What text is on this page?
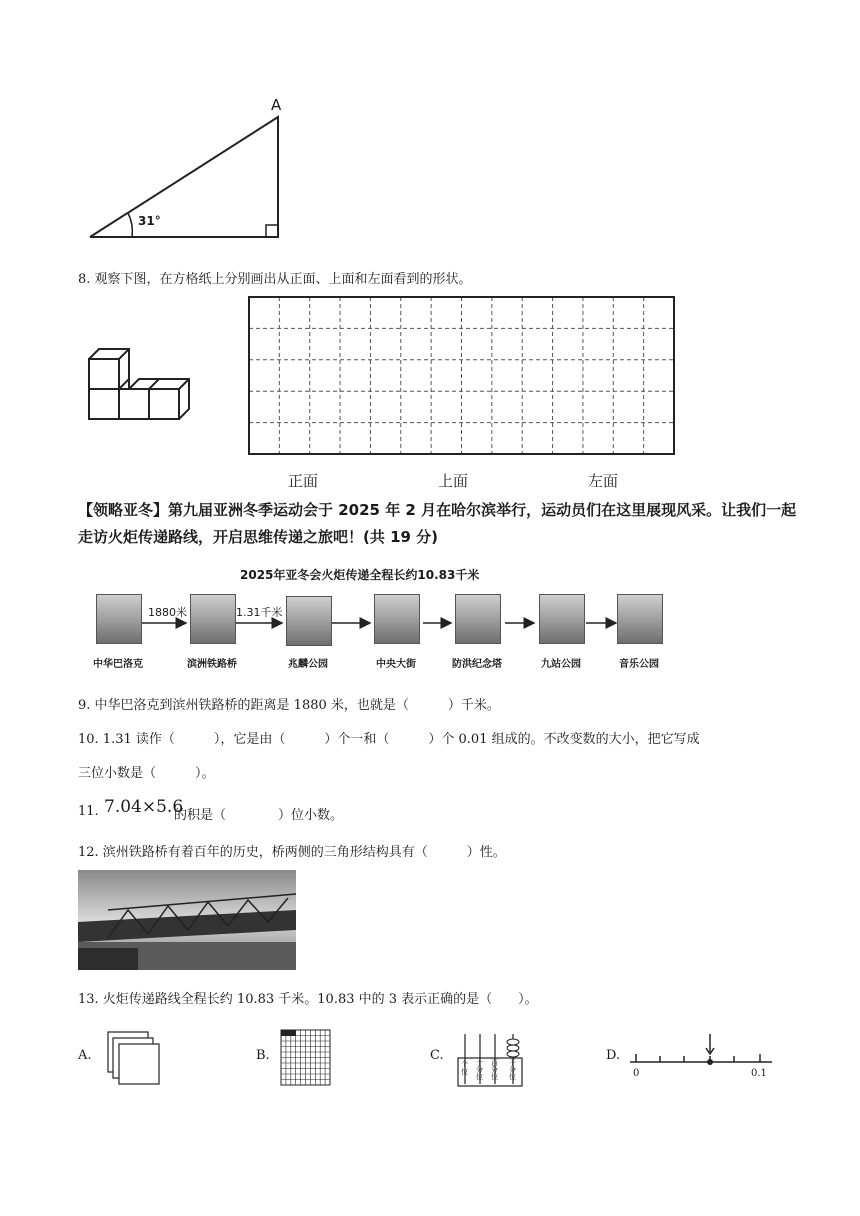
A
31°
8. 观察下图，在方格纸上分别画出从正面、上面和左面看到的形状。
正面	上面	左面
【领略亚冬】第九届亚洲冬季运动会于 2025 年 2 月在哈尔滨举行，运动员们在这里展现风采。让我们一起走访火炬传递路线，开启思维传递之旅吧！(共 19 分)
2025年亚冬会火炬传递全程长约10.83千米
1880米	1.31千米
中华巴洛克	滨洲铁路桥	兆麟公园	中央大街	防洪纪念塔	九站公园	音乐公园
9. 中华巴洛克到滨州铁路桥的距离是 1880 米，也就是（　　　）千米。
10. 1.31 读作（　　　），它是由（　　　）个一和（　　　）个 0.01 组成的。不改变数的大小，把它写成
三位小数是（　　　）。
11. 7.04×5.6
的积是（　　　　）位小数。
12. 滨州铁路桥有着百年的历史，桥两侧的三角形结构具有（　　　）性。
13. 火炬传递路线全程长约 10.83 千米。10.83 中的 3 表示正确的是（　　）。
A.	B.	C.
个位
十分位
百分位
千分位
D.
0	0.1
